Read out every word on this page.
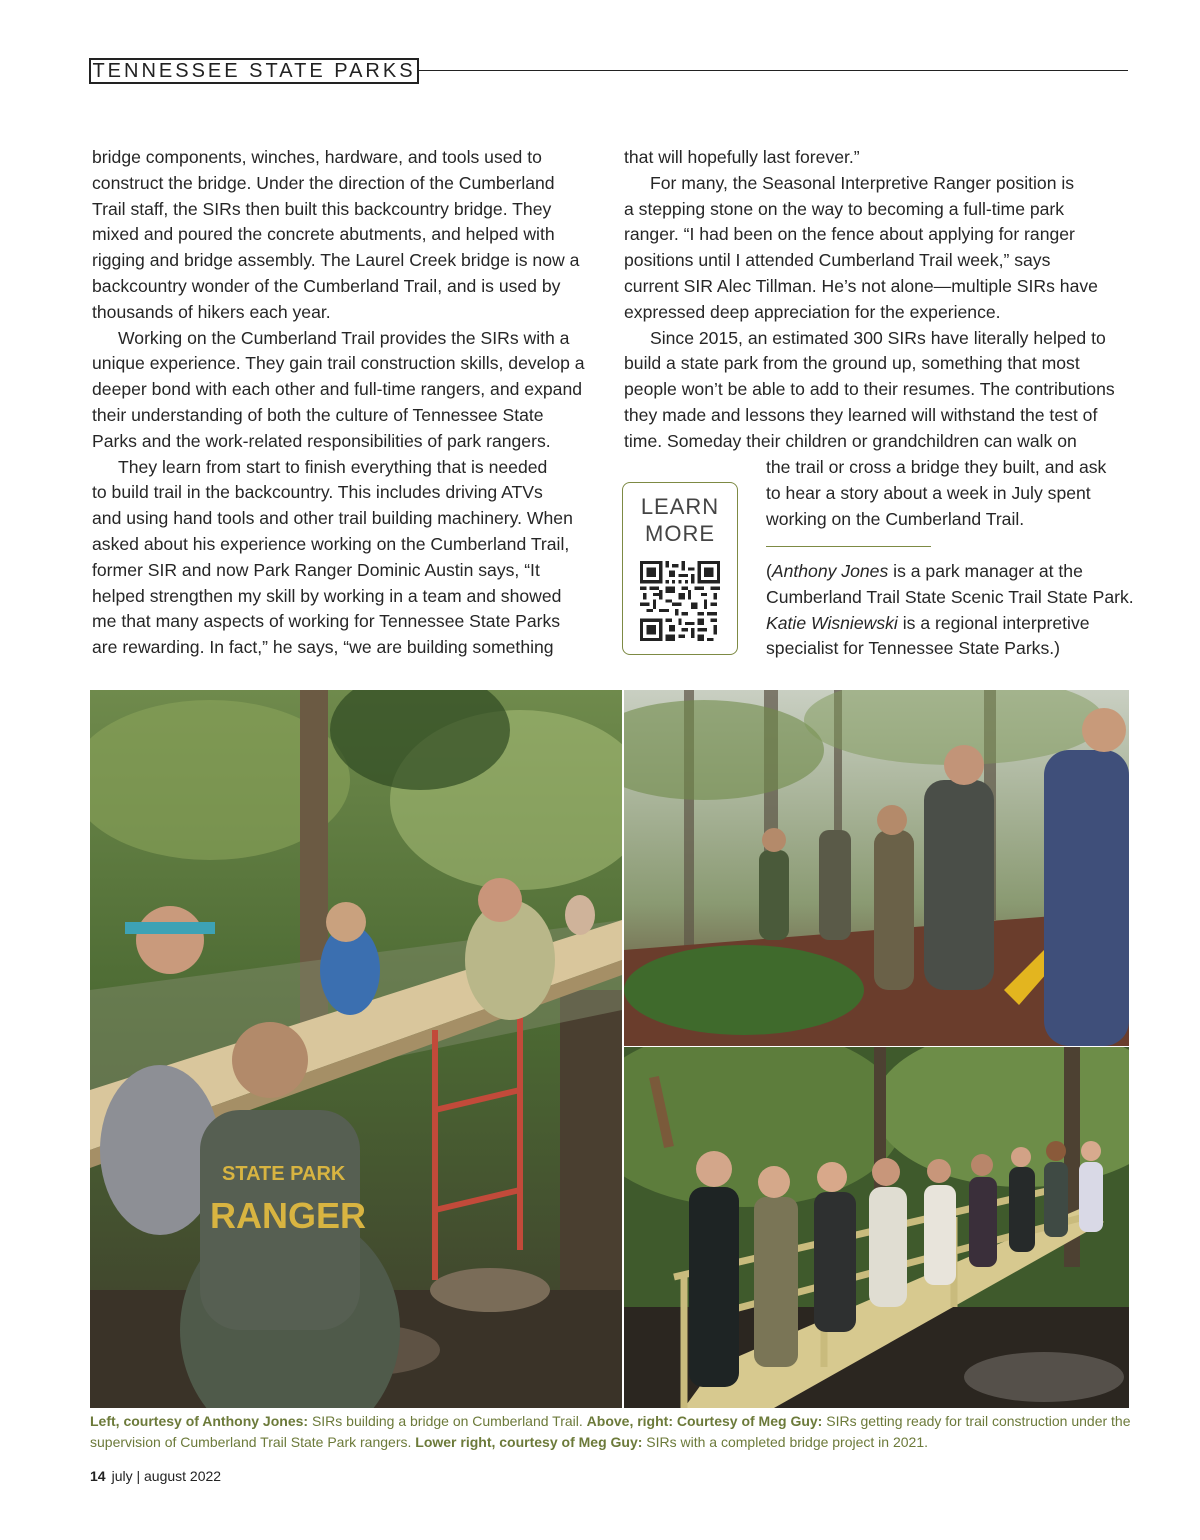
TENNESSEE STATE PARKS

bridge components, winches, hardware, and tools used to

construct the bridge. Under the direction of the Cumberland

Trail staff, the SIRs then built this backcountry bridge. They

mixed and poured the concrete abutments, and helped with

rigging and bridge assembly. The Laurel Creek bridge is now a

backcountry wonder of the Cumberland Trail, and is used by

thousands of hikers each year.

Working on the Cumberland Trail provides the SIRs with a

unique experience. They gain trail construction skills, develop a

deeper bond with each other and full-time rangers, and expand

their understanding of both the culture of Tennessee State

Parks and the work-related responsibilities of park rangers.

They learn from start to finish everything that is needed

to build trail in the backcountry. This includes driving ATVs

and using hand tools and other trail building machinery. When

asked about his experience working on the Cumberland Trail,

former SIR and now Park Ranger Dominic Austin says, “It

helped strengthen my skill by working in a team and showed

me that many aspects of working for Tennessee State Parks

are rewarding. In fact,” he says, “we are building something

that will hopefully last forever.”

For many, the Seasonal Interpretive Ranger position is

a stepping stone on the way to becoming a full-time park

ranger. “I had been on the fence about applying for ranger

positions until I attended Cumberland Trail week,” says

current SIR Alec Tillman. He’s not alone—multiple SIRs have

expressed deep appreciation for the experience.

Since 2015, an estimated 300 SIRs have literally helped to

build a state park from the ground up, something that most

people won’t be able to add to their resumes. The contributions

they made and lessons they learned will withstand the test of

time. Someday their children or grandchildren can walk on

the trail or cross a bridge they built, and ask

to hear a story about a week in July spent

working on the Cumberland Trail.

LEARN
MORE

(Anthony Jones is a park manager at the

Cumberland Trail State Scenic Trail State Park.

Katie Wisniewski is a regional interpretive

specialist for Tennessee State Parks.)

STATE PARK
RANGER
Left, courtesy of Anthony Jones: SIRs building a bridge on Cumberland Trail. Above, right: Courtesy of Meg Guy: SIRs getting ready for trail construction under the supervision of Cumberland Trail State Park rangers. Lower right, courtesy of Meg Guy: SIRs with a completed bridge project in 2021.
14 july | august 2022
